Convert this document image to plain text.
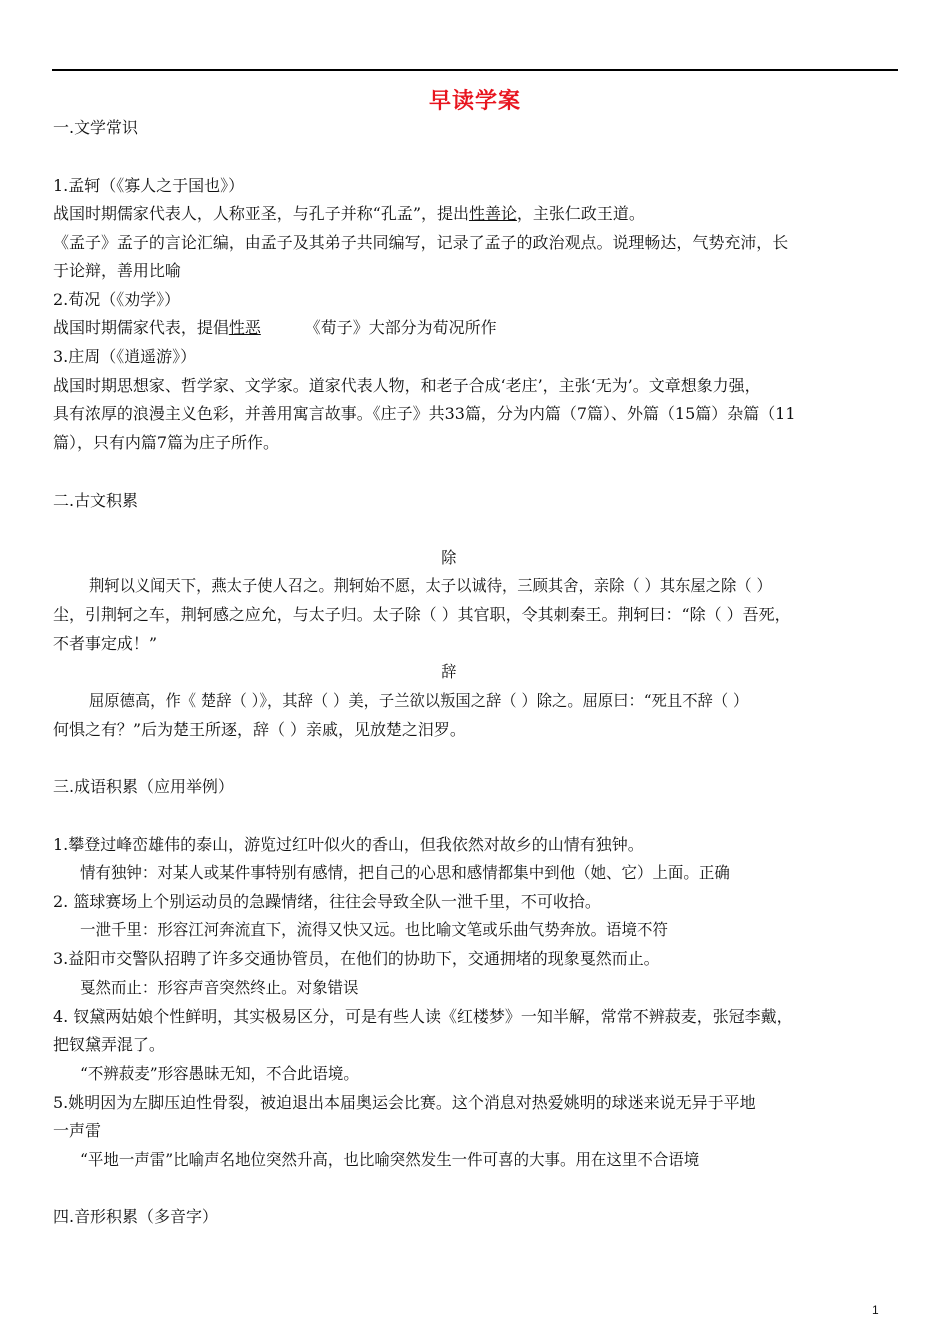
早读学案
一.文学常识
1.孟轲（《寡人之于国也》）
战国时期儒家代表人，人称亚圣，与孔子并称“孔孟”，提出性善论，主张仁政王道。
《孟子》孟子的言论汇编，由孟子及其弟子共同编写，记录了孟子的政治观点。说理畅达，气势充沛，长
于论辩，善用比喻
2.荀况（《劝学》）
战国时期儒家代表，提倡性恶	《荀子》大部分为荀况所作
3.庄周（《逍遥游》）
战国时期思想家、哲学家、文学家。道家代表人物，和老子合成‘老庄’，主张‘无为’。文章想象力强，
具有浓厚的浪漫主义色彩，并善用寓言故事。《庄子》共33篇，分为内篇（7篇）、外篇（15篇）杂篇（11
篇），只有内篇7篇为庄子所作。
二.古文积累
除
荆轲以义闻天下，燕太子使人召之。荆轲始不愿，太子以诚待，三顾其舍，亲除（ ）其东屋之除（ ）
尘，引荆轲之车，荆轲感之应允，与太子归。太子除（ ）其官职，令其刺秦王。荆轲曰：“除（ ）吾死，
不者事定成！”
辞
屈原德高，作《 楚辞（ ）》，其辞（ ）美，子兰欲以叛国之辞（ ）除之。屈原曰：“死且不辞（ ）
何惧之有？”后为楚王所逐，辞（ ）亲戚，见放楚之汨罗。
三.成语积累（应用举例）
1.攀登过峰峦雄伟的泰山，游览过红叶似火的香山，但我依然对故乡的山情有独钟。
情有独钟：对某人或某件事特别有感情，把自己的心思和感情都集中到他（她、它）上面。正确
2. 篮球赛场上个别运动员的急躁情绪，往往会导致全队一泄千里，不可收拾。
一泄千里：形容江河奔流直下，流得又快又远。也比喻文笔或乐曲气势奔放。语境不符
3.益阳市交警队招聘了许多交通协管员，在他们的协助下，交通拥堵的现象戛然而止。
戛然而止：形容声音突然终止。对象错误
4. 钗黛两姑娘个性鲜明，其实极易区分，可是有些人读《红楼梦》一知半解，常常不辨菽麦，张冠李戴，
把钗黛弄混了。
“不辨菽麦”形容愚昧无知，不合此语境。
5.姚明因为左脚压迫性骨裂，被迫退出本届奥运会比赛。这个消息对热爱姚明的球迷来说无异于平地
一声雷
“平地一声雷”比喻声名地位突然升高，也比喻突然发生一件可喜的大事。用在这里不合语境
四.音形积累（多音字）
1
